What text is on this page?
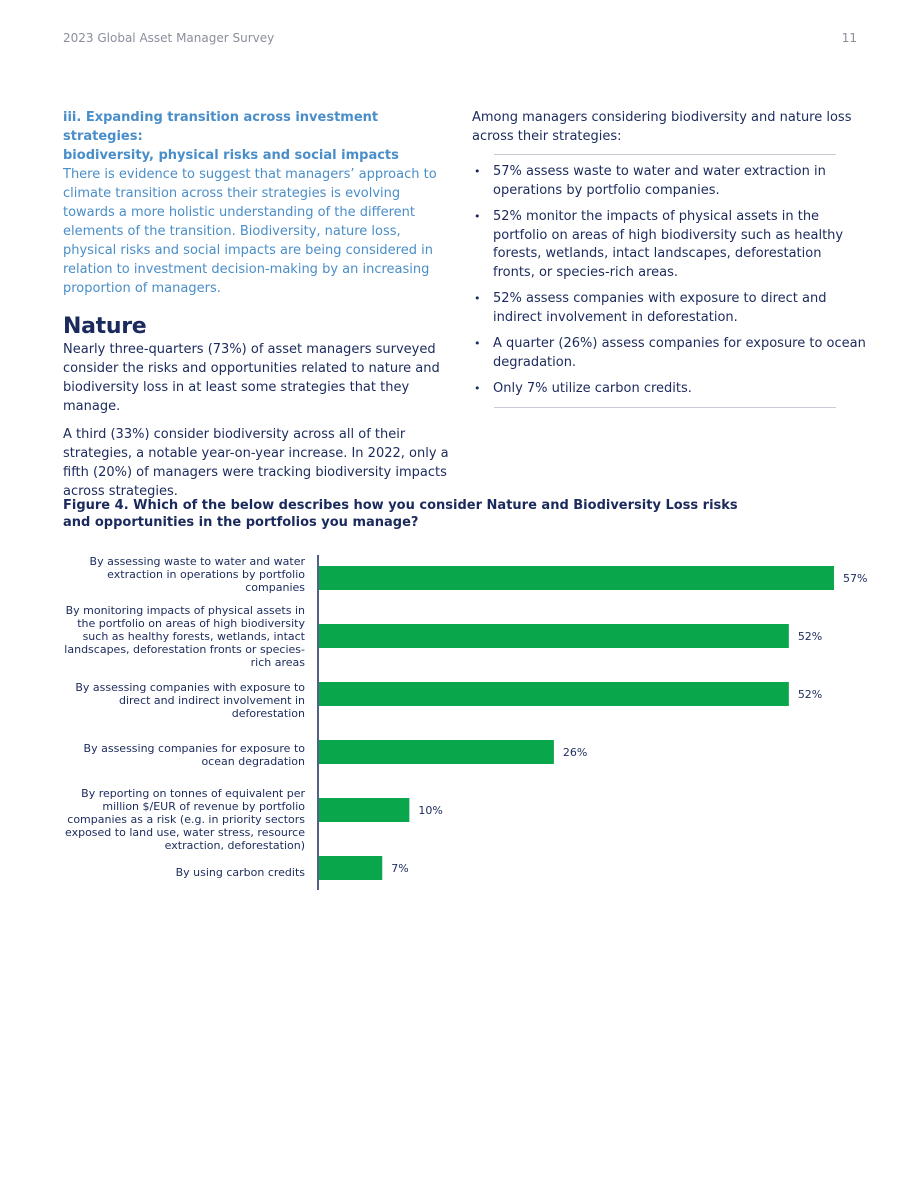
2023 Global Asset Manager Survey	11

iii. Expanding transition across investment strategies:
biodiversity, physical risks and social impacts

There is evidence to suggest that managers’ approach to climate transition across their strategies is evolving towards a more holistic understanding of the different elements of the transition. Biodiversity, nature loss, physical risks and social impacts are being considered in relation to investment decision-making by an increasing proportion of managers.

Nature

Nearly three-quarters (73%) of asset managers surveyed consider the risks and opportunities related to nature and biodiversity loss in at least some strategies that they manage.

A third (33%) consider biodiversity across all of their strategies, a notable year-on-year increase. In 2022, only a fifth (20%) of managers were tracking biodiversity impacts across strategies.

Among managers considering biodiversity and nature loss across their strategies:

• 57% assess waste to water and water extraction in operations by portfolio companies.
• 52% monitor the impacts of physical assets in the portfolio on areas of high biodiversity such as healthy forests, wetlands, intact landscapes, deforestation fronts, or species-rich areas.
• 52% assess companies with exposure to direct and indirect involvement in deforestation.
• A quarter (26%) assess companies for exposure to ocean degradation.
• Only 7% utilize carbon credits.

Figure 4. Which of the below describes how you consider Nature and Biodiversity Loss risks and opportunities in the portfolios you manage?

By assessing waste to water and water extraction in operations by portfolio companies
By monitoring impacts of physical assets in the portfolio on areas of high biodiversity such as healthy forests, wetlands, intact landscapes, deforestation fronts or species-rich areas
By assessing companies with exposure to direct and indirect involvement in deforestation
By assessing companies for exposure to ocean degradation
By reporting on tonnes of equivalent per million $/EUR of revenue by portfolio companies as a risk (e.g. in priority sectors exposed to land use, water stress, resource extraction, deforestation)
By using carbon credits
57%
52%
52%
26%
10%
7%
